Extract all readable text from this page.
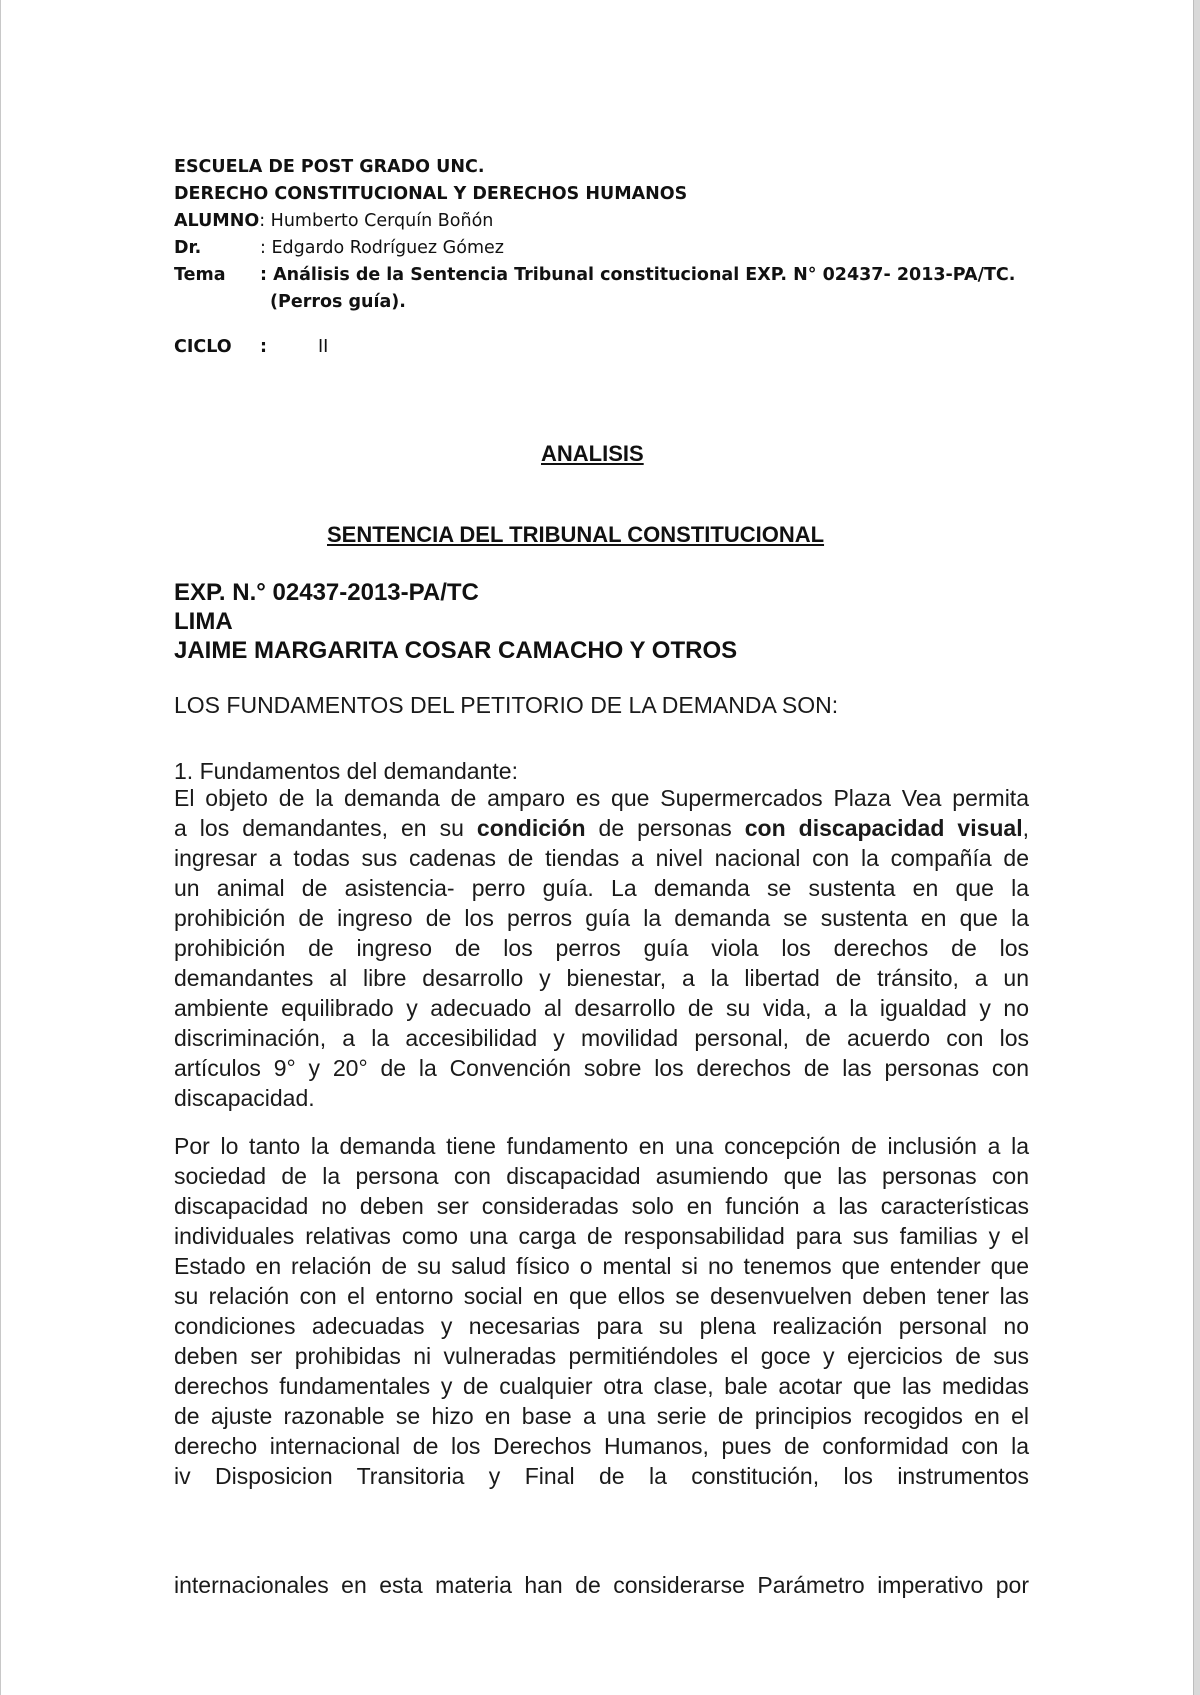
ESCUELA DE POST GRADO UNC.
DERECHO CONSTITUCIONAL Y DERECHOS HUMANOS
ALUMNO : Humberto Cerquín Boñón
Dr.	: Edgardo Rodríguez Gómez
Tema	: Análisis de la Sentencia Tribunal constitucional EXP. N° 02437- 2013-PA/TC.
(Perros guía).
CICLO	:	II
ANALISIS
SENTENCIA DEL TRIBUNAL CONSTITUCIONAL
EXP. N.° 02437-2013-PA/TC
LIMA
JAIME MARGARITA COSAR CAMACHO Y OTROS
LOS FUNDAMENTOS DEL PETITORIO DE LA DEMANDA SON:
1. Fundamentos del demandante:
El objeto de la demanda de amparo es que Supermercados Plaza Vea permita
a los demandantes, en su condición de personas con discapacidad visual,
ingresar a todas sus cadenas de tiendas a nivel nacional con la compañía de
un animal de asistencia- perro guía. La demanda se sustenta en que la
prohibición de ingreso de los perros guía la demanda se sustenta en que la
prohibición de ingreso de los perros guía viola los derechos de los
demandantes al libre desarrollo y bienestar, a la libertad de tránsito, a un
ambiente equilibrado y adecuado al desarrollo de su vida, a la igualdad y no
discriminación, a la accesibilidad y movilidad personal, de acuerdo con los
artículos 9° y 20° de la Convención sobre los derechos de las personas con
discapacidad.
Por lo tanto la demanda tiene fundamento en una concepción de inclusión a la
sociedad de la persona con discapacidad asumiendo que las personas con
discapacidad no deben ser consideradas solo en función a las características
individuales relativas como una carga de responsabilidad para sus familias y el
Estado en relación de su salud físico o mental si no tenemos que entender que
su relación con el entorno social en que ellos se desenvuelven deben tener las
condiciones adecuadas y necesarias para su plena realización personal no
deben ser prohibidas ni vulneradas permitiéndoles el goce y ejercicios de sus
derechos fundamentales y de cualquier otra clase, bale acotar que las medidas
de ajuste razonable se hizo en base a una serie de principios recogidos en el
derecho internacional de los Derechos Humanos, pues de conformidad con la
iv Disposicion Transitoria y Final de la constitución, los instrumentos
internacionales en esta materia han de considerarse Parámetro imperativo por
